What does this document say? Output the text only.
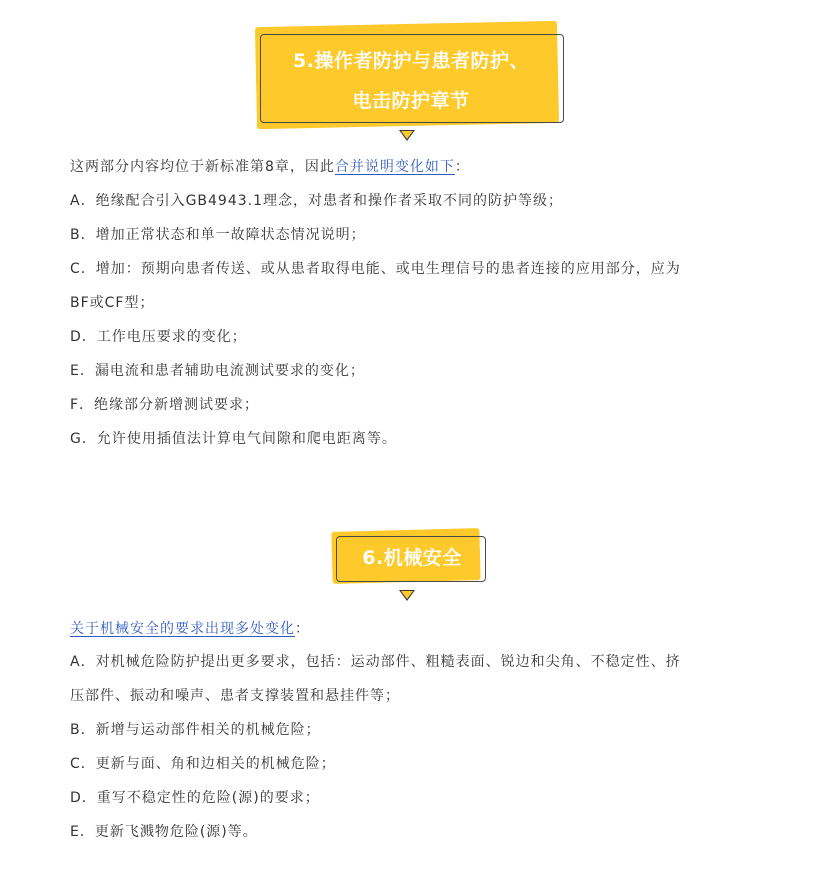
5.操作者防护与患者防护、
电击防护章节
这两部分内容均位于新标准第8章，因此合并说明变化如下：
A．绝缘配合引入GB4943.1理念，对患者和操作者采取不同的防护等级；
B．增加正常状态和单一故障状态情况说明；
C．增加：预期向患者传送、或从患者取得电能、或电生理信号的患者连接的应用部分，应为
BF或CF型；
D．工作电压要求的变化；
E．漏电流和患者辅助电流测试要求的变化；
F．绝缘部分新增测试要求；
G．允许使用插值法计算电气间隙和爬电距离等。
6.机械安全
关于机械安全的要求出现多处变化：
A．对机械危险防护提出更多要求，包括：运动部件、粗糙表面、锐边和尖角、不稳定性、挤
压部件、振动和噪声、患者支撑装置和悬挂件等；
B．新增与运动部件相关的机械危险；
C．更新与面、角和边相关的机械危险；
D．重写不稳定性的危险(源)的要求；
E．更新飞溅物危险(源)等。
